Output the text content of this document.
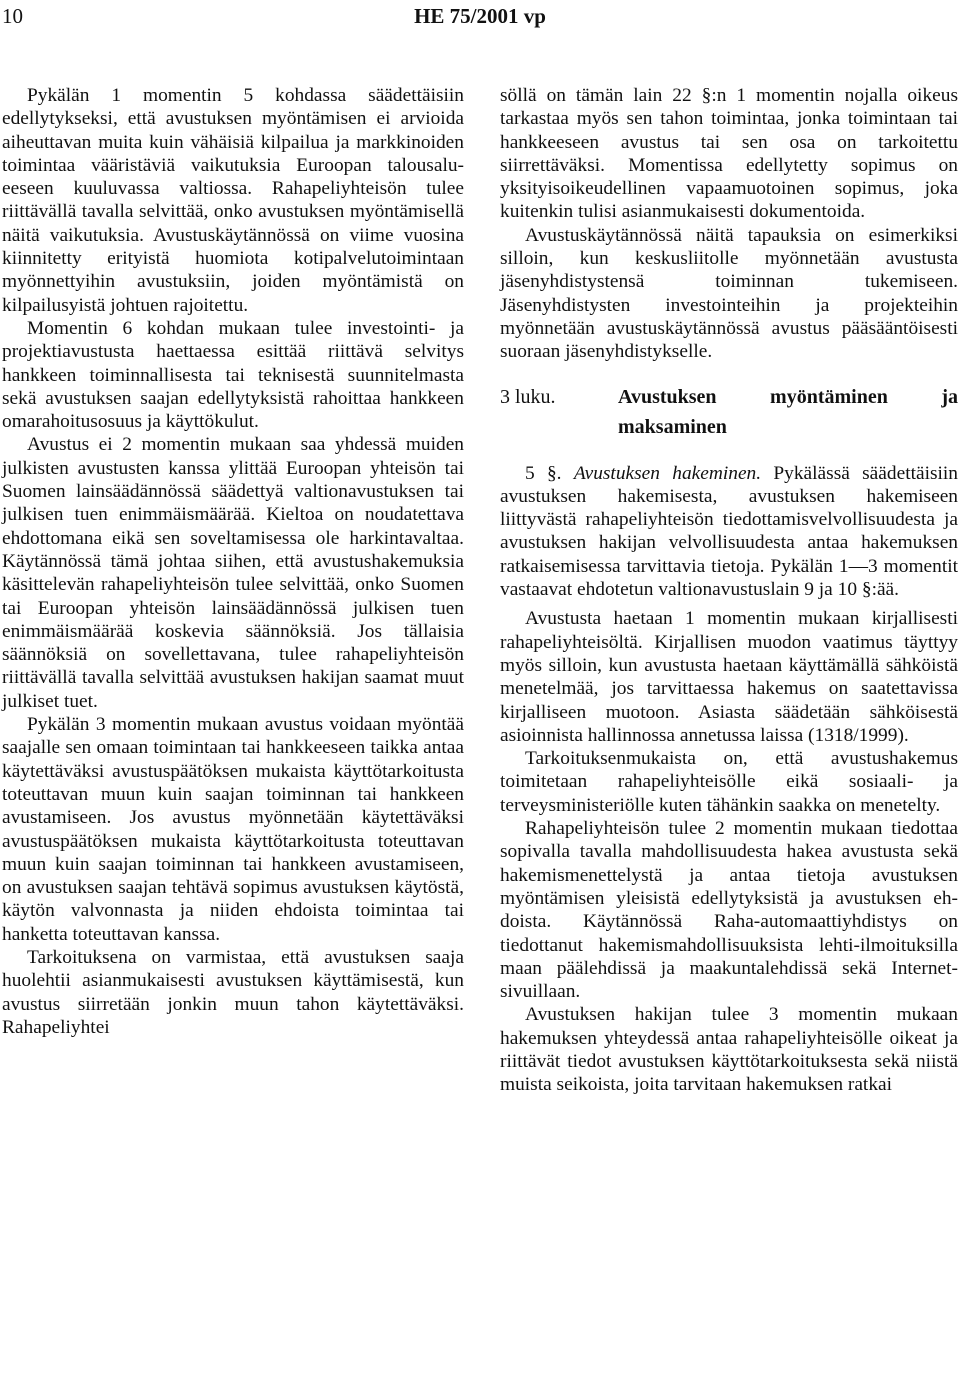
10	HE 75/2001 vp

Pykälän 1 momentin 5 kohdassa säädettäisiin edellytykseksi, että avustuksen myöntämisen ei arvioida aiheuttavan muita kuin vähäisiä kilpailua ja markkinoiden toimintaa vääristäviä vaikutuksia Euroopan talousalueeseen kuuluvassa valtiossa. Rahapeliyhteisön tulee riittävällä tavalla selvittää, onko avustuksen myöntämisellä näitä vaikutuksia. Avustuskäytännössä on viime vuosina kiinnitetty erityistä huomiota kotipalvelutoimintaan myönnettyihin avustuksiin, joiden myöntämistä on kilpailusyistä johtuen rajoitettu.

Momentin 6 kohdan mukaan tulee investointi- ja projektiavustusta haettaessa esittää riittävä selvitys hankkeen toiminnallisesta tai teknisestä suunnitelmasta sekä avustuksen saajan edellytyksistä rahoittaa hankkeen omarahoitusosuus ja käyttökulut.

Avustus ei 2 momentin mukaan saa yhdessä muiden julkisten avustusten kanssa ylittää Euroopan yhteisön tai Suomen lainsäädännössä säädettyä valtionavustuksen tai julkisen tuen enimmäismäärää. Kieltoa on noudatettava ehdottomana eikä sen soveltamisessa ole harkintavaltaa. Käytännössä tämä johtaa siihen, että avustushakemuksia käsittelevän rahapeliyhteisön tulee selvittää, onko Suomen tai Euroopan yhteisön lainsäädännössä julkisen tuen enimmäismäärää koskevia säännöksiä. Jos tällaisia säännöksiä on sovellettavana, tulee rahapeliyhteisön riittävällä tavalla selvittää avustuksen hakijan saamat muut julkiset tuet.

Pykälän 3 momentin mukaan avustus voidaan myöntää saajalle sen omaan toimintaan tai hankkeeseen taikka antaa käytettäväksi avustuspäätöksen mukaista käyttötarkoitusta toteuttavan muun kuin saajan toiminnan tai hankkeen avustamiseen. Jos avustus myönnetään käytettäväksi avustuspäätöksen mukaista käyttötarkoitusta toteuttavan muun kuin saajan toiminnan tai hankkeen avustamiseen, on avustuksen saajan tehtävä sopimus avustuksen käytöstä, käytön valvonnasta ja niiden ehdoista toimintaa tai hanketta toteuttavan kanssa.

Tarkoituksena on varmistaa, että avustuksen saaja huolehtii asianmukaisesti avustuksen käyttämisestä, kun avustus siirretään jonkin muun tahon käytettäväksi. Rahapeliyhtei

söllä on tämän lain 22 §:n 1 momentin nojalla oikeus tarkastaa myös sen tahon toimintaa, jonka toimintaan tai hankkeeseen avustus tai sen osa on tarkoitettu siirrettäväksi. Momentissa edellytetty sopimus on yksityisoikeudellinen vapaamuotoinen sopimus, joka kuitenkin tulisi asianmukaisesti dokumentoida.

Avustuskäytännössä näitä tapauksia on esimerkiksi silloin, kun keskusliitolle myönnetään avustusta jäsenyhdistystensä toiminnan tukemiseen. Jäsenyhdistysten investointeihin ja projekteihin myönnetään avustuskäytännössä avustus pääsääntöisesti suoraan jäsenyhdistykselle.

3 luku.	Avustuksen myöntäminen ja maksaminen

5 §. Avustuksen hakeminen. Pykälässä säädettäisiin avustuksen hakemisesta, avustuksen hakemiseen liittyvästä rahapeliyhteisön tiedottamisvelvollisuudesta ja avustuksen hakijan velvollisuudesta antaa hakemuksen ratkaisemisessa tarvittavia tietoja. Pykälän 1—3 momentit vastaavat ehdotetun valtionavustuslain 9 ja 10 §:ää.

Avustusta haetaan 1 momentin mukaan kirjallisesti rahapeliyhteisöltä. Kirjallisen muodon vaatimus täyttyy myös silloin, kun avustusta haetaan käyttämällä sähköistä menetelmää, jos tarvittaessa hakemus on saatettavissa kirjalliseen muotoon. Asiasta säädetään sähköisestä asioinnista hallinnossa annetussa laissa (1318/1999).

Tarkoituksenmukaista on, että avustushakemus toimitetaan rahapeliyhteisölle eikä sosiaali- ja terveysministeriölle kuten tähänkin saakka on menetelty.

Rahapeliyhteisön tulee 2 momentin mukaan tiedottaa sopivalla tavalla mahdollisuudesta hakea avustusta sekä hakemismenettelystä ja antaa tietoja avustuksen myöntämisen yleisistä edellytyksistä ja avustuksen ehdoista. Käytännössä Raha-automaattiyhdistys on tiedottanut hakemismahdollisuuksista lehti-ilmoituksilla maan päälehdissä ja maakuntalehdissä sekä Internet-sivuillaan.

Avustuksen hakijan tulee 3 momentin mukaan hakemuksen yhteydessä antaa rahapeliyhteisölle oikeat ja riittävät tiedot avustuksen käyttötarkoituksesta sekä niistä muista seikoista, joita tarvitaan hakemuksen ratkai
